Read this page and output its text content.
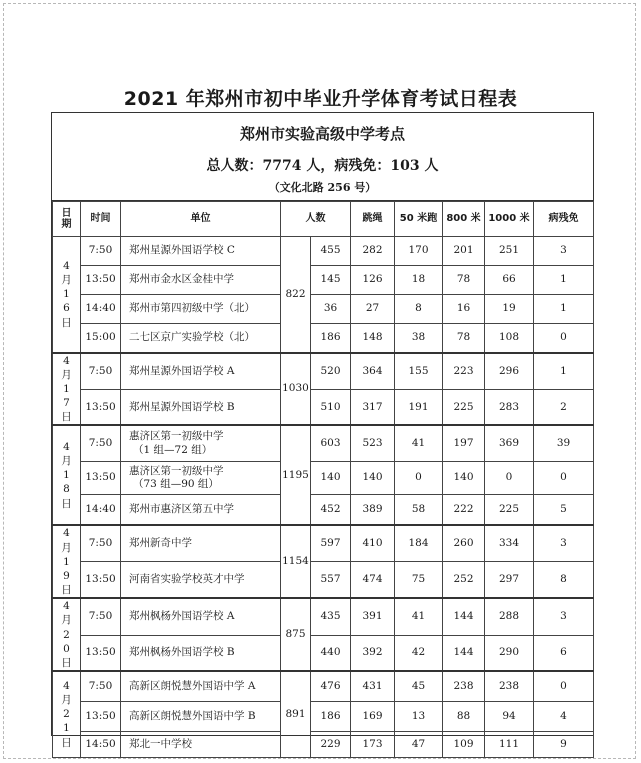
2021 年郑州市初中毕业升学体育考试日程表
郑州市实验高级中学考点
总人数：7774 人，病残免：103 人
（文化北路 256 号）
日期	时间	单位	人数		跳绳	50 米跑	800 米	1000 米	病残免
4月16日	7:50	郑州星源外国语学校 C	822	455	282	170	201	251	3
	13:50	郑州市金水区金桂中学		145	126	18	78	66	1
	14:40	郑州市第四初级中学（北）		36	27	8	16	19	1
	15:00	二七区京广实验学校（北）		186	148	38	78	108	0
4月17日	7:50	郑州星源外国语学校 A	1030	520	364	155	223	296	1
	13:50	郑州星源外国语学校 B		510	317	191	225	283	2
4月18日	7:50	惠济区第一初级中学
（1 组—72 组）	1195	603	523	41	197	369	39
	13:50	惠济区第一初级中学
（73 组—90 组）		140	140	0	140	0	0
	14:40	郑州市惠济区第五中学		452	389	58	222	225	5
4月19日	7:50	郑州新奇中学	1154	597	410	184	260	334	3
	13:50	河南省实验学校英才中学		557	474	75	252	297	8
4月20日	7:50	郑州枫杨外国语学校 A	875	435	391	41	144	288	3
	13:50	郑州枫杨外国语学校 B		440	392	42	144	290	6
4月21日	7:50	高新区朗悦慧外国语中学 A	891	476	431	45	238	238	0
	13:50	高新区朗悦慧外国语中学 B		186	169	13	88	94	4
	14:50	郑北一中学校		229	173	47	109	111	9
